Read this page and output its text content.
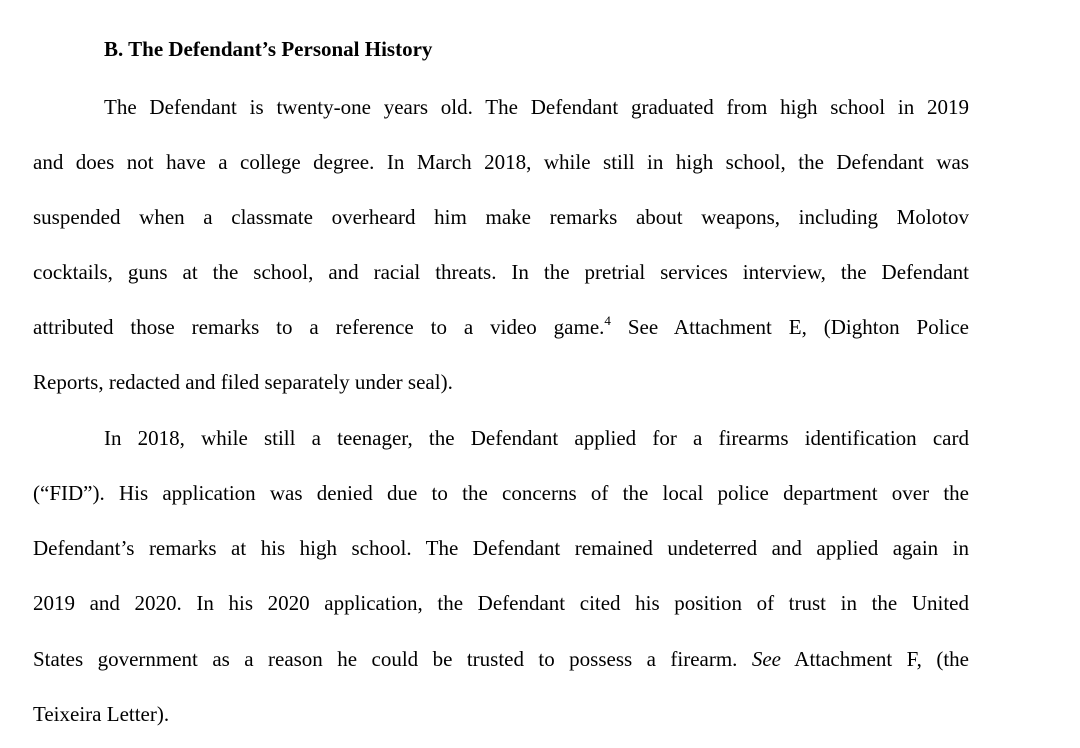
B. The Defendant’s Personal History
The Defendant is twenty-one years old. The Defendant graduated from high school in 2019
and does not have a college degree. In March 2018, while still in high school, the Defendant was
suspended when a classmate overheard him make remarks about weapons, including Molotov
cocktails, guns at the school, and racial threats. In the pretrial services interview, the Defendant
attributed those remarks to a reference to a video game.$^4$ See Attachment E, (Dighton Police
Reports, redacted and filed separately under seal).
In 2018, while still a teenager, the Defendant applied for a firearms identification card
(“FID”). His application was denied due to the concerns of the local police department over the
Defendant’s remarks at his high school. The Defendant remained undeterred and applied again in
2019 and 2020. In his 2020 application, the Defendant cited his position of trust in the United
States government as a reason he could be trusted to possess a firearm. See Attachment F, (the
Teixeira Letter).
